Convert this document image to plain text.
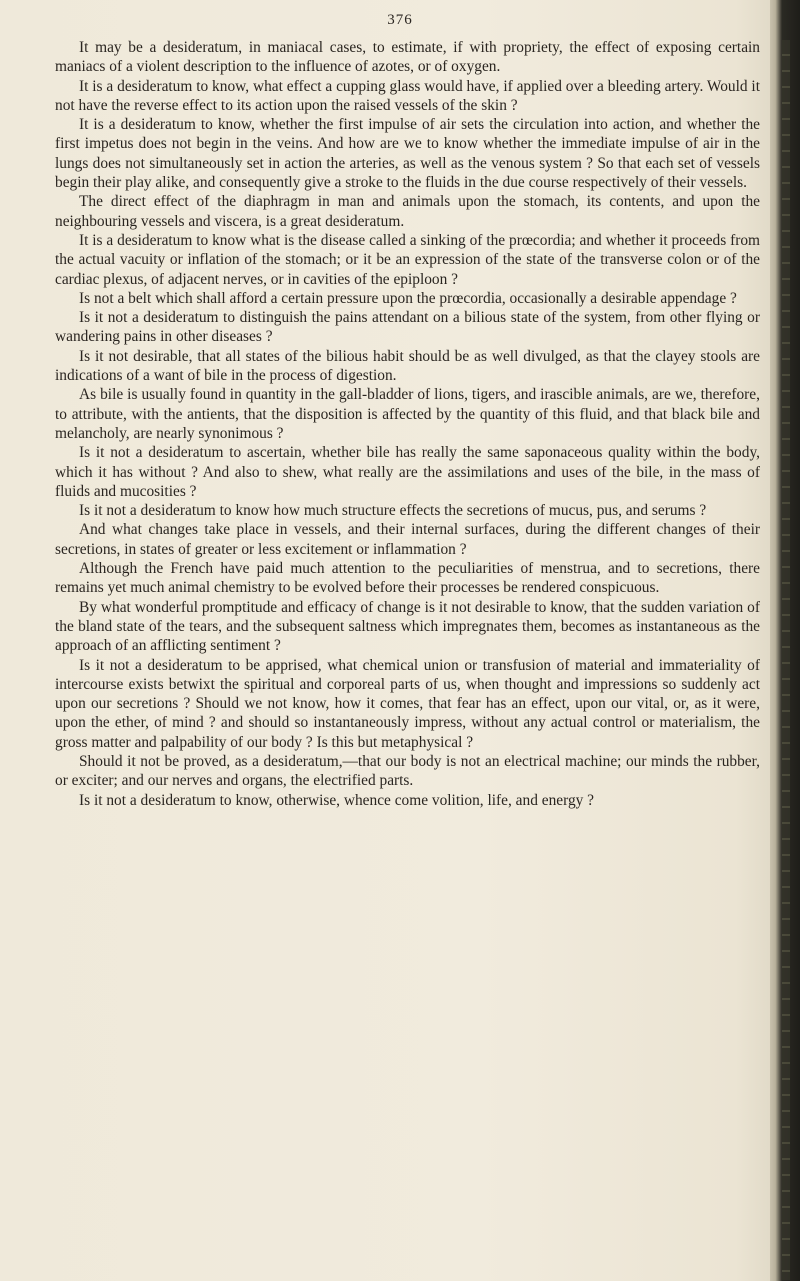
376

It may be a desideratum, in maniacal cases, to estimate, if with propriety, the effect of exposing certain maniacs of a violent description to the influence of azotes, or of oxygen.

It is a desideratum to know, what effect a cupping glass would have, if applied over a bleeding artery. Would it not have the reverse effect to its action upon the raised vessels of the skin ?

It is a desideratum to know, whether the first impulse of air sets the circulation into action, and whether the first impetus does not begin in the veins. And how are we to know whether the immediate impulse of air in the lungs does not simultaneously set in action the arteries, as well as the venous system ? So that each set of vessels begin their play alike, and consequently give a stroke to the fluids in the due course respectively of their vessels.

The direct effect of the diaphragm in man and animals upon the stomach, its contents, and upon the neighbouring vessels and viscera, is a great desideratum.

It is a desideratum to know what is the disease called a sinking of the prœcordia; and whether it proceeds from the actual vacuity or inflation of the stomach; or it be an expression of the state of the transverse colon or of the cardiac plexus, of adjacent nerves, or in cavities of the epiploon ?

Is not a belt which shall afford a certain pressure upon the prœcordia, occasionally a desirable appendage ?

Is it not a desideratum to distinguish the pains attendant on a bilious state of the system, from other flying or wandering pains in other diseases ?

Is it not desirable, that all states of the bilious habit should be as well divulged, as that the clayey stools are indications of a want of bile in the process of digestion.

As bile is usually found in quantity in the gall-bladder of lions, tigers, and irascible animals, are we, therefore, to attribute, with the antients, that the disposition is affected by the quantity of this fluid, and that black bile and melancholy, are nearly synonimous ?

Is it not a desideratum to ascertain, whether bile has really the same saponaceous quality within the body, which it has without ? And also to shew, what really are the assimilations and uses of the bile, in the mass of fluids and mucosities ?

Is it not a desideratum to know how much structure effects the secretions of mucus, pus, and serums ?

And what changes take place in vessels, and their internal surfaces, during the different changes of their secretions, in states of greater or less excitement or inflammation ?

Although the French have paid much attention to the peculiarities of menstrua, and to secretions, there remains yet much animal chemistry to be evolved before their processes be rendered conspicuous.

By what wonderful promptitude and efficacy of change is it not desirable to know, that the sudden variation of the bland state of the tears, and the subsequent saltness which impregnates them, becomes as instantaneous as the approach of an afflicting sentiment ?

Is it not a desideratum to be apprised, what chemical union or transfusion of material and immateriality of intercourse exists betwixt the spiritual and corporeal parts of us, when thought and impressions so suddenly act upon our secretions ? Should we not know, how it comes, that fear has an effect, upon our vital, or, as it were, upon the ether, of mind ? and should so instantaneously impress, without any actual control or materialism, the gross matter and palpability of our body ? Is this but metaphysical ?

Should it not be proved, as a desideratum,—that our body is not an electrical machine; our minds the rubber, or exciter; and our nerves and organs, the electrified parts.

Is it not a desideratum to know, otherwise, whence come volition, life, and energy ?
